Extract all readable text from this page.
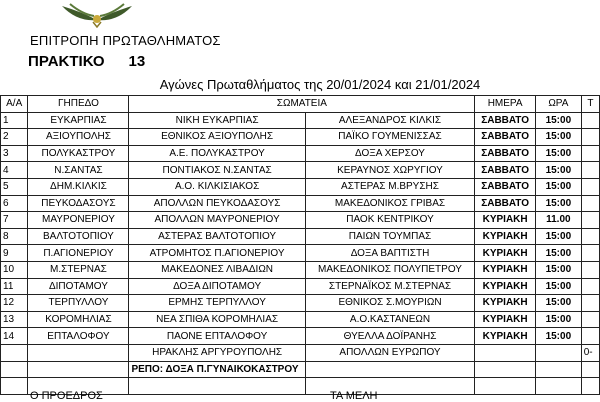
ΕΠΙΤΡΟΠΗ ΠΡΩΤΑΘΛΗΜΑΤΟΣ
ΠΡΑΚΤΙΚΟ 13
Αγώνες Πρωταθλήματος της 20/01/2024 και 21/01/2024
Α/Α	ΓΗΠΕΔΟ	ΣΩΜΑΤΕΙΑ		ΗΜΕΡΑ	ΩΡΑ	Τ
1	ΕΥΚΑΡΠΙΑΣ	ΝΙΚΗ ΕΥΚΑΡΠΙΑΣ	ΑΛΕΞΑΝΔΡΟΣ ΚΙΛΚΙΣ	ΣΑΒΒΑΤΟ	15:00	
2	ΑΞΙΟΥΠΟΛΗΣ	ΕΘΝΙΚΟΣ ΑΞΙΟΥΠΟΛΗΣ	ΠΑΪΚΟ ΓΟΥΜΕΝΙΣΣΑΣ	ΣΑΒΒΑΤΟ	15:00	
3	ΠΟΛΥΚΑΣΤΡΟΥ	Α.Ε. ΠΟΛΥΚΑΣΤΡΟΥ	ΔΟΞΑ ΧΕΡΣΟΥ	ΣΑΒΒΑΤΟ	15:00	
4	Ν.ΣΑΝΤΑΣ	ΠΟΝΤΙΑΚΟΣ Ν.ΣΑΝΤΑΣ	ΚΕΡΑΥΝΟΣ ΧΩΡΥΓΙΟΥ	ΣΑΒΒΑΤΟ	15:00	
5	ΔΗΜ.ΚΙΛΚΙΣ	Α.Ο. ΚΙΛΚΙΣΙΑΚΟΣ	ΑΣΤΕΡΑΣ Μ.ΒΡΥΣΗΣ	ΣΑΒΒΑΤΟ	15:00	
6	ΠΕΥΚΟΔΑΣΟΥΣ	ΑΠΟΛΛΩΝ ΠΕΥΚΟΔΑΣΟΥΣ	ΜΑΚΕΔΟΝΙΚΟΣ ΓΡΙΒΑΣ	ΣΑΒΒΑΤΟ	15:00	
7	ΜΑΥΡΟΝΕΡΙΟΥ	ΑΠΟΛΛΩΝ ΜΑΥΡΟΝΕΡΙΟΥ	ΠΑΟΚ ΚΕΝΤΡΙΚΟΥ	ΚΥΡΙΑΚΗ	11.00	
8	ΒΑΛΤΟΤΟΠΙΟΥ	ΑΣΤΕΡΑΣ ΒΑΛΤΟΤΟΠΙΟΥ	ΠΑΙΩΝ ΤΟΥΜΠΑΣ	ΚΥΡΙΑΚΗ	15:00	
9	Π.ΑΓΙΟΝΕΡΙΟΥ	ΑΤΡΟΜΗΤΟΣ Π.ΑΓΙΟΝΕΡΙΟΥ	ΔΟΞΑ ΒΑΠΤΙΣΤΗ	ΚΥΡΙΑΚΗ	15:00	
10	Μ.ΣΤΕΡΝΑΣ	ΜΑΚΕΔΟΝΕΣ ΛΙΒΑΔΙΩΝ	ΜΑΚΕΔΟΝΙΚΟΣ ΠΟΛΥΠΕΤΡΟΥ	ΚΥΡΙΑΚΗ	15:00	
11	ΔΙΠΟΤΑΜΟΥ	ΔΟΞΑ ΔΙΠΟΤΑΜΟΥ	ΣΤΕΡΝΑΪΚΟΣ Μ.ΣΤΕΡΝΑΣ	ΚΥΡΙΑΚΗ	15:00	
12	ΤΕΡΠΥΛΛΟΥ	ΕΡΜΗΣ ΤΕΡΠΥΛΛΟΥ	ΕΘΝΙΚΟΣ Σ.ΜΟΥΡΙΩΝ	ΚΥΡΙΑΚΗ	15:00	
13	ΚΟΡΟΜΗΛΙΑΣ	ΝΕΑ ΣΠΙΘΑ ΚΟΡΟΜΗΛΙΑΣ	Α.Ο.ΚΑΣΤΑΝΕΩΝ	ΚΥΡΙΑΚΗ	15:00	
14	ΕΠΤΑΛΟΦΟΥ	ΠΑΟΝΕ ΕΠΤΑΛΟΦΟΥ	ΘΥΕΛΛΑ ΔΟΪΡΑΝΗΣ	ΚΥΡΙΑΚΗ	15:00	
		ΗΡΑΚΛΗΣ ΑΡΓΥΡΟΥΠΟΛΗΣ	ΑΠΟΛΛΩΝ ΕΥΡΩΠΟΥ			0-
		ΡΕΠΟ: ΔΟΞΑ Π.ΓΥΝΑΙΚΟΚΑΣΤΡΟΥ				

Ο ΠΡΟΕΔΡΟΣ	ΤΑ ΜΕΛΗ
